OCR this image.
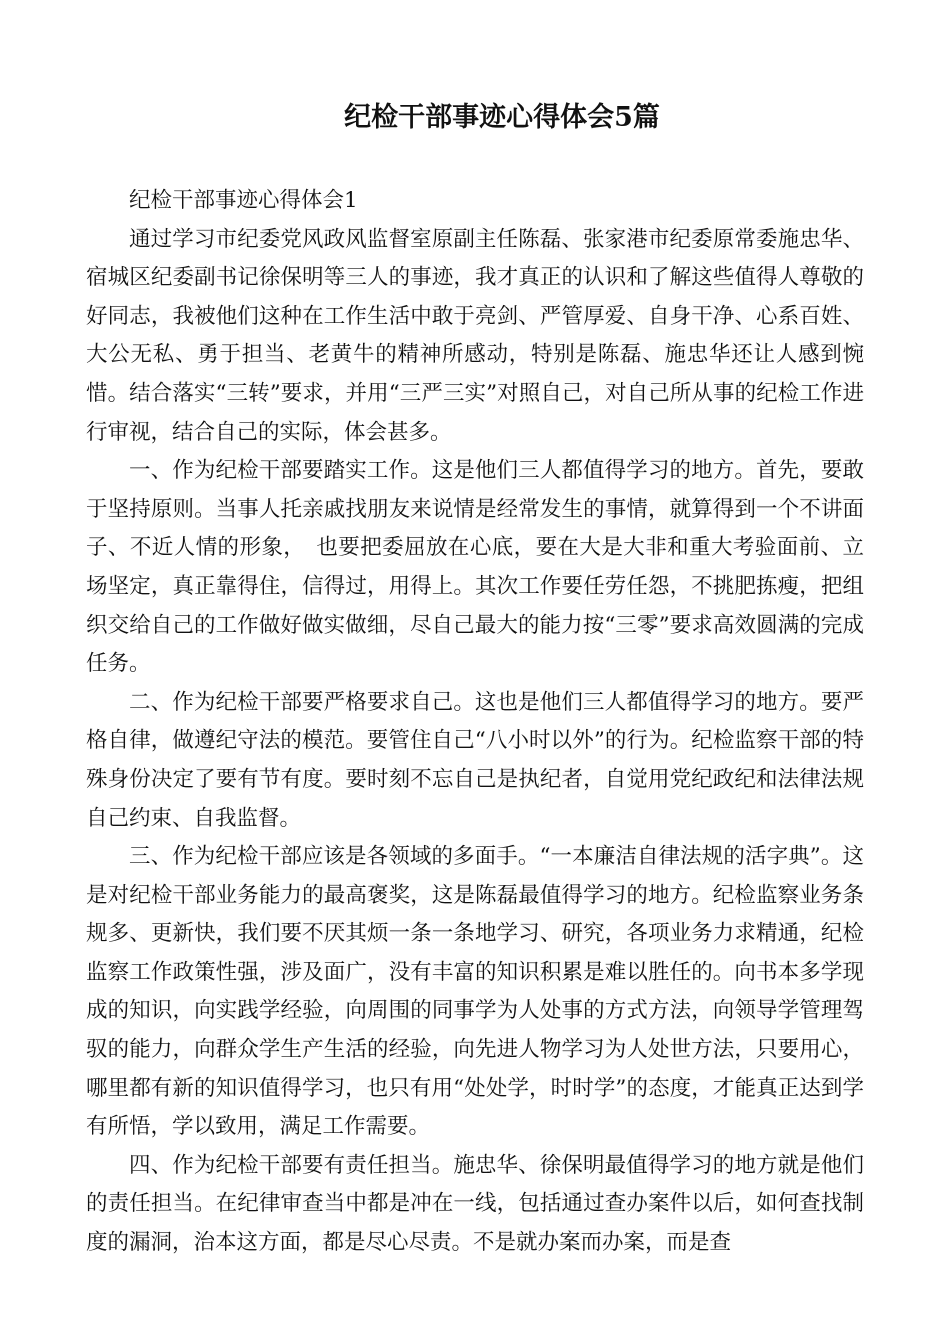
纪检干部事迹心得体会5篇

纪检干部事迹心得体会1

通过学习市纪委党风政风监督室原副主任陈磊、张家港市纪委原常委施忠华、宿城区纪委副书记徐保明等三人的事迹，我才真正的认识和了解这些值得人尊敬的好同志，我被他们这种在工作生活中敢于亮剑、严管厚爱、自身干净、心系百姓、大公无私、勇于担当、老黄牛的精神所感动，特别是陈磊、施忠华还让人感到惋惜。结合落实“三转”要求，并用“三严三实”对照自己，对自己所从事的纪检工作进行审视，结合自己的实际，体会甚多。

一、作为纪检干部要踏实工作。这是他们三人都值得学习的地方。首先，要敢于坚持原则。当事人托亲戚找朋友来说情是经常发生的事情，就算得到一个不讲面子、不近人情的形象，　也要把委屈放在心底，要在大是大非和重大考验面前、立场坚定，真正靠得住，信得过，用得上。其次工作要任劳任怨，不挑肥拣瘦，把组织交给自己的工作做好做实做细，尽自己最大的能力按“三零”要求高效圆满的完成任务。

二、作为纪检干部要严格要求自己。这也是他们三人都值得学习的地方。要严格自律，做遵纪守法的模范。要管住自己“八小时以外”的行为。纪检监察干部的特殊身份决定了要有节有度。要时刻不忘自己是执纪者，自觉用党纪政纪和法律法规自己约束、自我监督。

三、作为纪检干部应该是各领域的多面手。“一本廉洁自律法规的活字典”。这是对纪检干部业务能力的最高褒奖，这是陈磊最值得学习的地方。纪检监察业务条规多、更新快，我们要不厌其烦一条一条地学习、研究，各项业务力求精通，纪检监察工作政策性强，涉及面广，没有丰富的知识积累是难以胜任的。向书本多学现成的知识，向实践学经验，向周围的同事学为人处事的方式方法，向领导学管理驾驭的能力，向群众学生产生活的经验，向先进人物学习为人处世方法，只要用心，哪里都有新的知识值得学习，也只有用“处处学，时时学”的态度，才能真正达到学有所悟，学以致用，满足工作需要。

四、作为纪检干部要有责任担当。施忠华、徐保明最值得学习的地方就是他们的责任担当。在纪律审查当中都是冲在一线，包括通过查办案件以后，如何查找制度的漏洞，治本这方面，都是尽心尽责。不是就办案而办案，而是查
